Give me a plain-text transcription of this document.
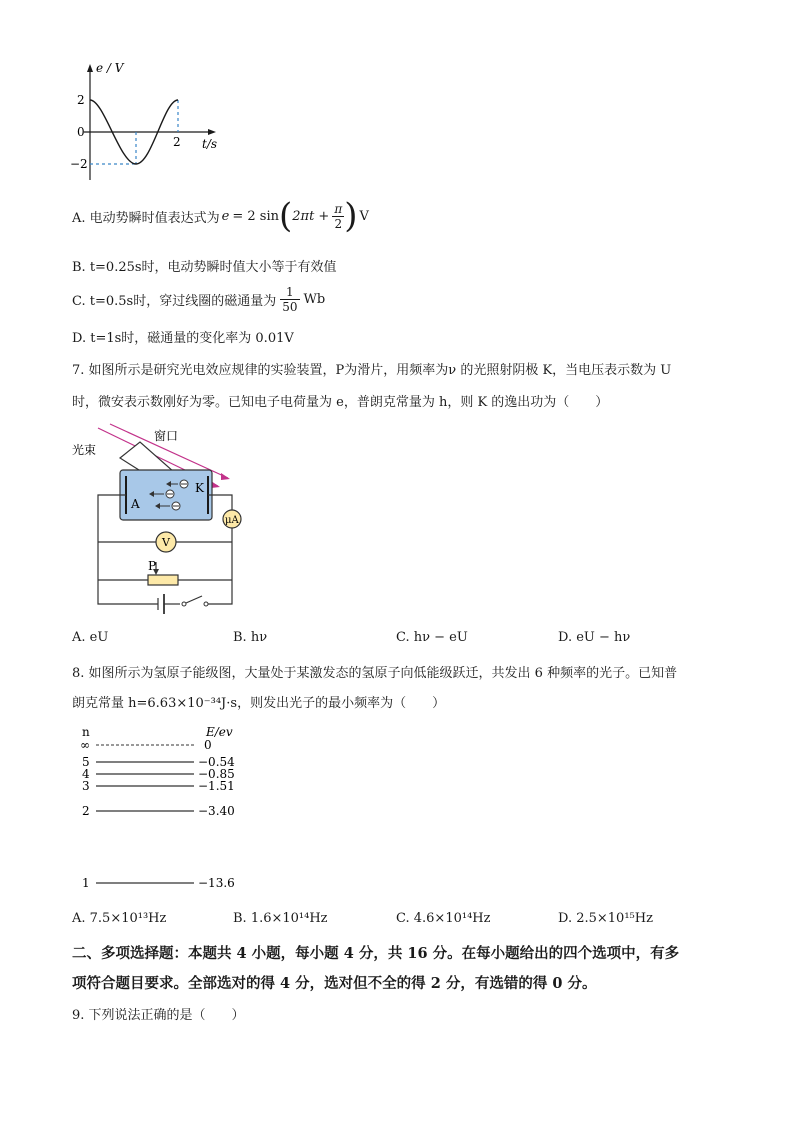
e / V
2
0
−2
2 t/s
A. 电动势瞬时值表达式为 e = 2 sin ( $2\pi t + \frac{\pi}{2}$ ) V
B. t=0.25s时，电动势瞬时值大小等于有效值
C. t=0.5s时，穿过线圈的磁通量为 $\frac{1}{50}$ Wb
D. t=1s时，磁通量的变化率为 0.01V
7. 如图所示是研究光电效应规律的实验装置，P为滑片，用频率为ν 的光照射阴极 K，当电压表示数为 U
时，微安表示数刚好为零。已知电子电荷量为 e，普朗克常量为 h，则 K 的逸出功为（　　）
窗口
光束
A
K
μA
V
P
A. eU	B. hν	C. hν − eU	D. eU − hν
8. 如图所示为氢原子能级图，大量处于某激发态的氢原子向低能级跃迁，共发出 6 种频率的光子。已知普
朗克常量 h=6.63×10⁻³⁴J·s，则发出光子的最小频率为（　　）
n	E/ev
∞	0
5	−0.54
4	−0.85
3	−1.51
2	−3.40
1	−13.6
A. 7.5×10¹³Hz	B. 1.6×10¹⁴Hz	C. 4.6×10¹⁴Hz	D. 2.5×10¹⁵Hz
二、多项选择题：本题共 4 小题，每小题 4 分，共 16 分。在每小题给出的四个选项中，有多
项符合题目要求。全部选对的得 4 分，选对但不全的得 2 分，有选错的得 0 分。
9. 下列说法正确的是（　　）
